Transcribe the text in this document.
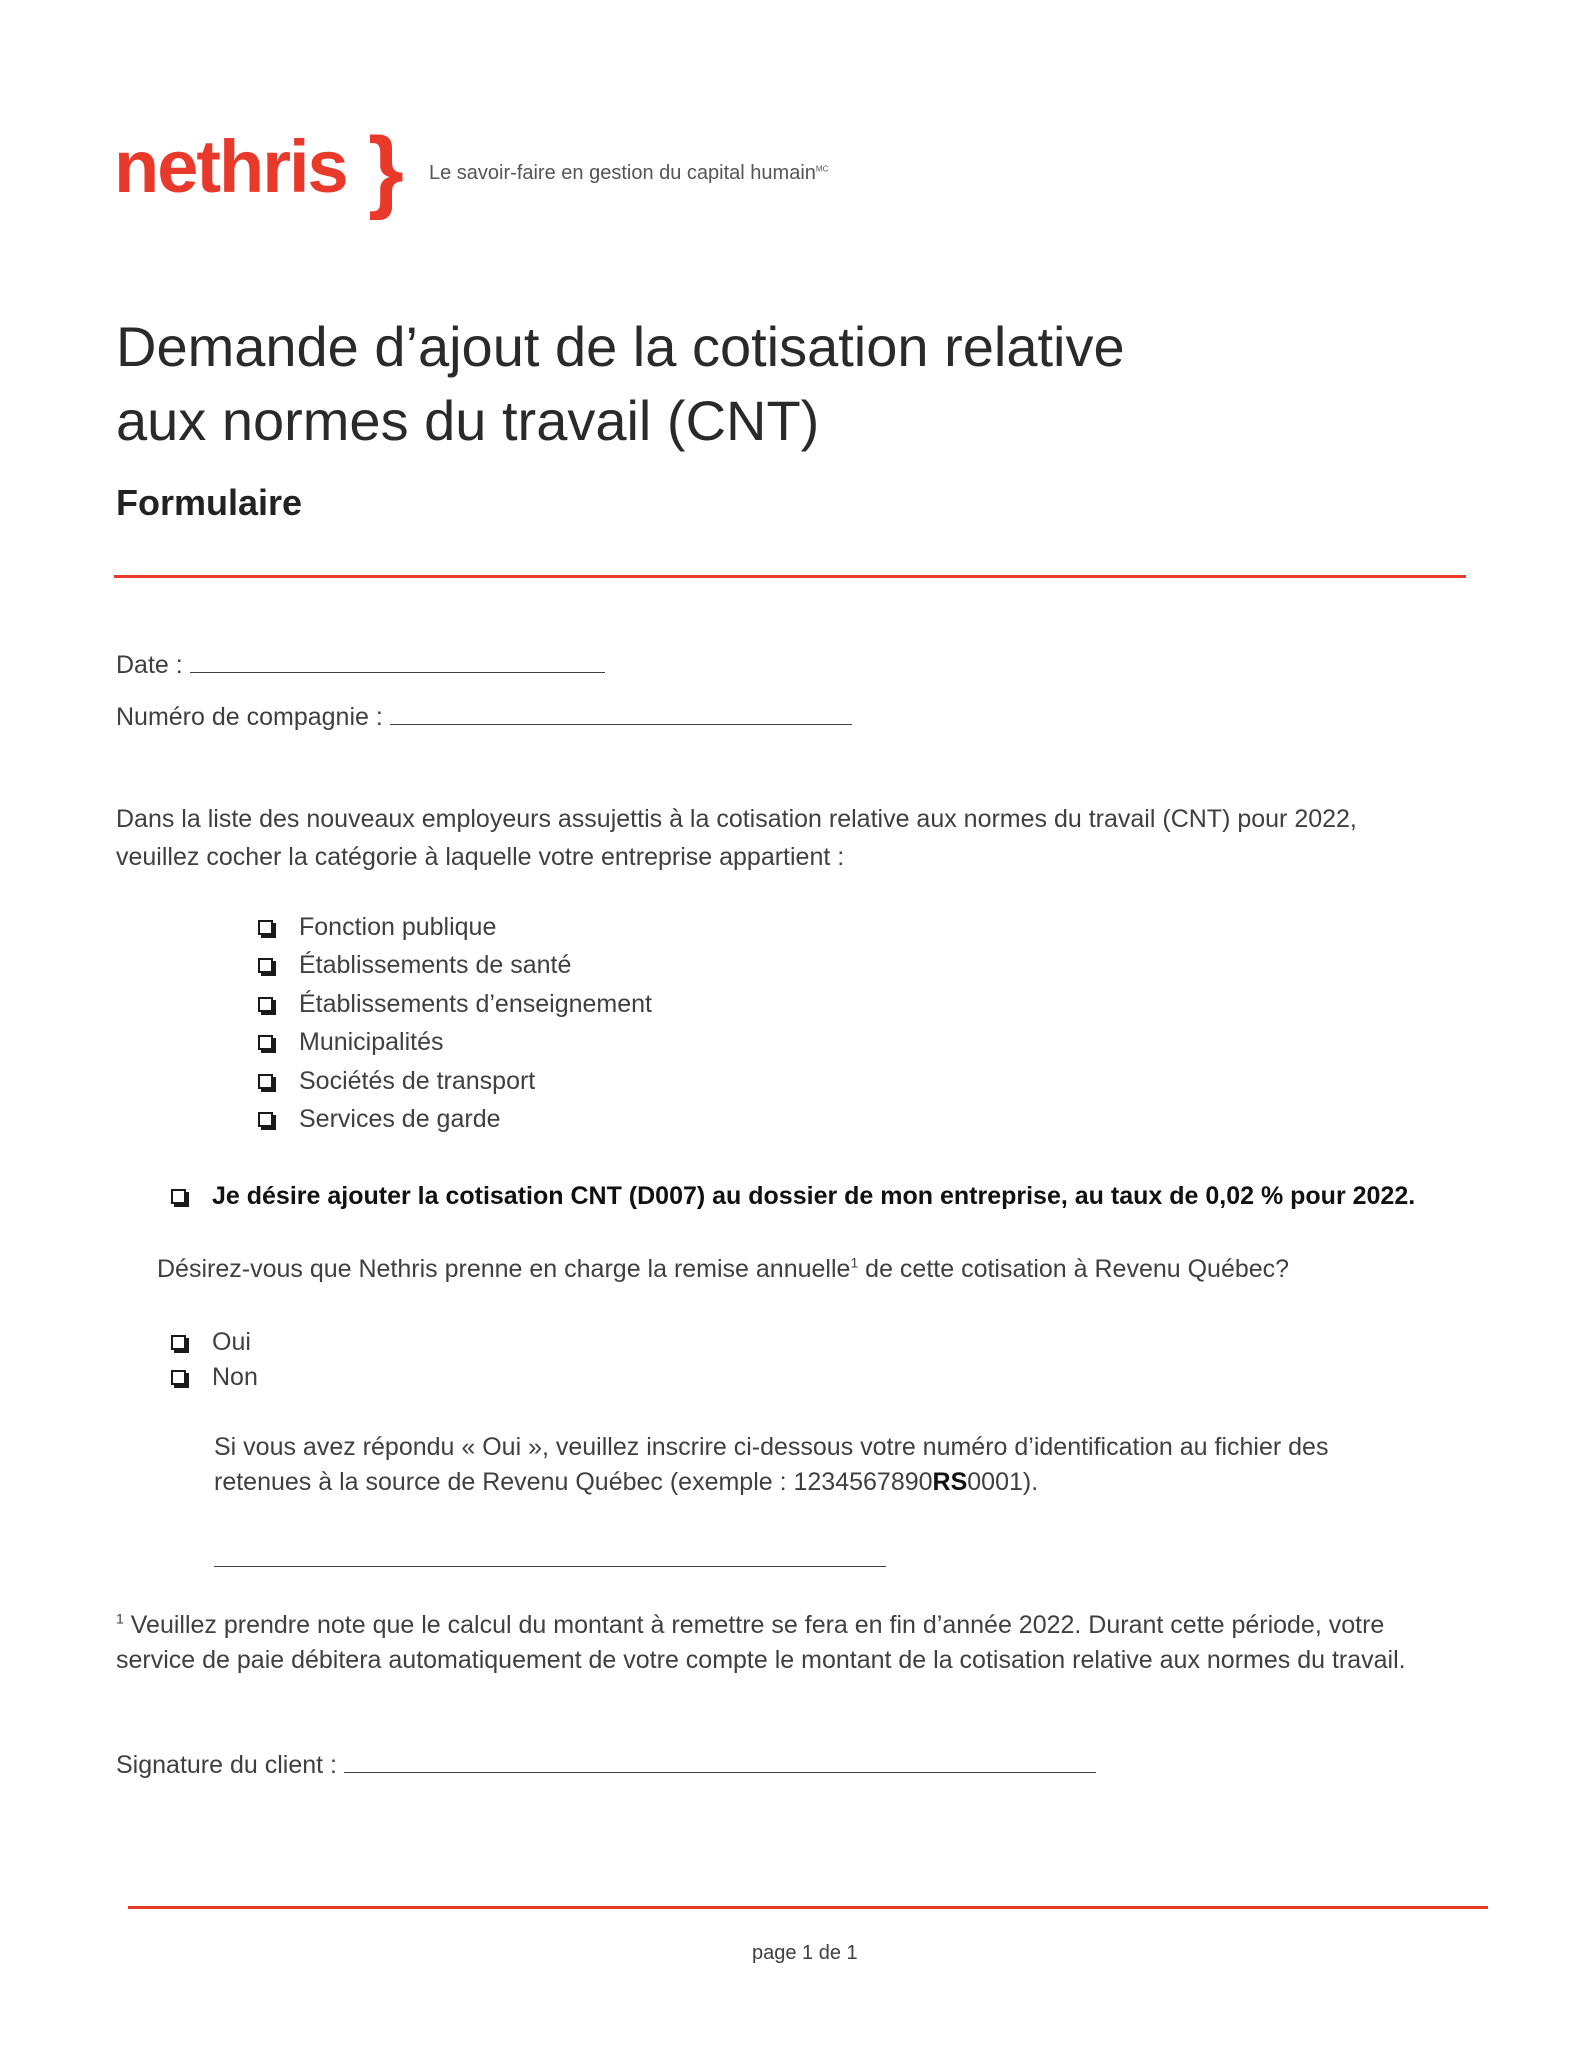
nethris } Le savoir-faire en gestion du capital humain$^{MC}$
Demande d’ajout de la cotisation relative
aux normes du travail (CNT)
Formulaire
Date :
Numéro de compagnie :
Dans la liste des nouveaux employeurs assujettis à la cotisation relative aux normes du travail (CNT) pour 2022,
veuillez cocher la catégorie à laquelle votre entreprise appartient :
Fonction publique
Établissements de santé
Établissements d’enseignement
Municipalités
Sociétés de transport
Services de garde
Je désire ajouter la cotisation CNT (D007) au dossier de mon entreprise, au taux de 0,02 % pour 2022.
Désirez-vous que Nethris prenne en charge la remise annuelle$^1$ de cette cotisation à Revenu Québec?
Oui
Non
Si vous avez répondu « Oui », veuillez inscrire ci-dessous votre numéro d’identification au fichier des
retenues à la source de Revenu Québec (exemple : 1234567890RS0001).
$^1$ Veuillez prendre note que le calcul du montant à remettre se fera en fin d’année 2022. Durant cette période, votre
service de paie débitera automatiquement de votre compte le montant de la cotisation relative aux normes du travail.
Signature du client :
page 1 de 1
